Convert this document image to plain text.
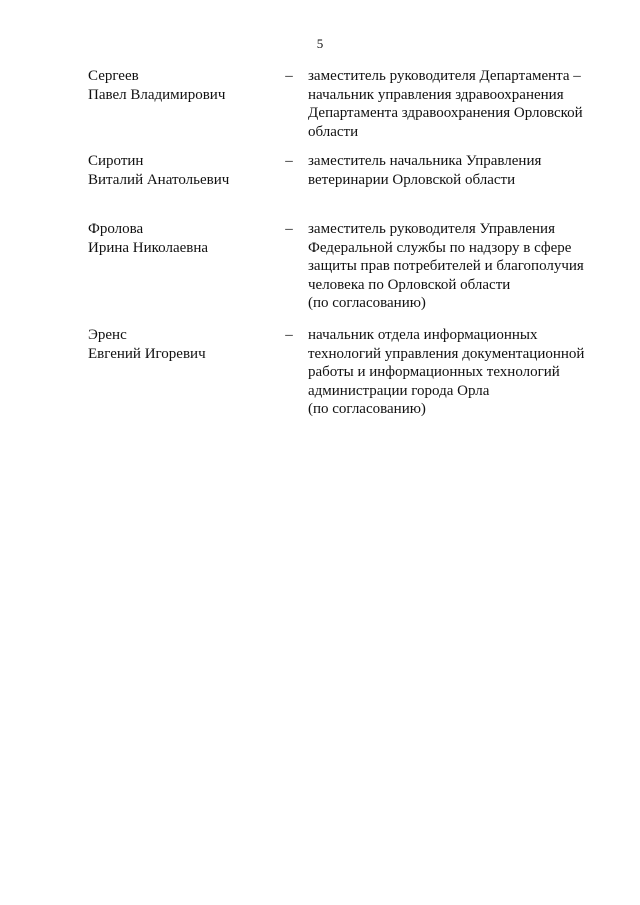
5
Сергеев
Павел Владимирович
– заместитель руководителя Департамента –
начальник управления здравоохранения
Департамента здравоохранения Орловской
области
Сиротин
Виталий Анатольевич
– заместитель начальника Управления
ветеринарии Орловской области
Фролова
Ирина Николаевна
– заместитель руководителя Управления
Федеральной службы по надзору в сфере
защиты прав потребителей и благополучия
человека по Орловской области
(по согласованию)
Эренс
Евгений Игоревич
– начальник отдела информационных
технологий управления документационной
работы и информационных технологий
администрации города Орла
(по согласованию)
